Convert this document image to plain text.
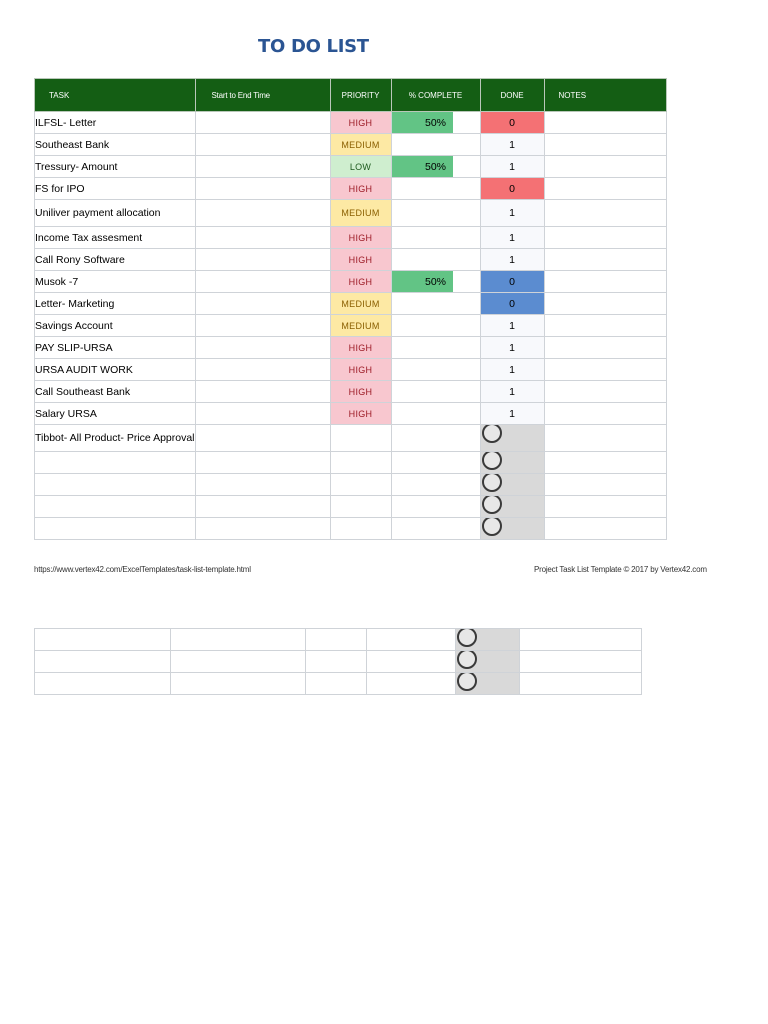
TO DO LIST
TASK	Start to End Time	PRIORITY	% COMPLETE	DONE	NOTES
ILFSL- Letter		HIGH	50%	0	
Southeast Bank		MEDIUM		1	
Tressury- Amount		LOW	50%	1	
FS for IPO		HIGH		0	
Uniliver payment allocation		MEDIUM		1	
Income Tax assesment		HIGH		1	
Call Rony Software		HIGH		1	
Musok -7		HIGH	50%	0	
Letter- Marketing		MEDIUM		0	
Savings Account		MEDIUM		1	
PAY SLIP-URSA		HIGH		1	
URSA AUDIT WORK		HIGH		1	
Call Southeast Bank		HIGH		1	
Salary URSA		HIGH		1	
Tibbot- All Product- Price Approval			

https://www.vertex42.com/ExcelTemplates/task-list-template.html	Project Task List Template © 2017 by Vertex42.com
